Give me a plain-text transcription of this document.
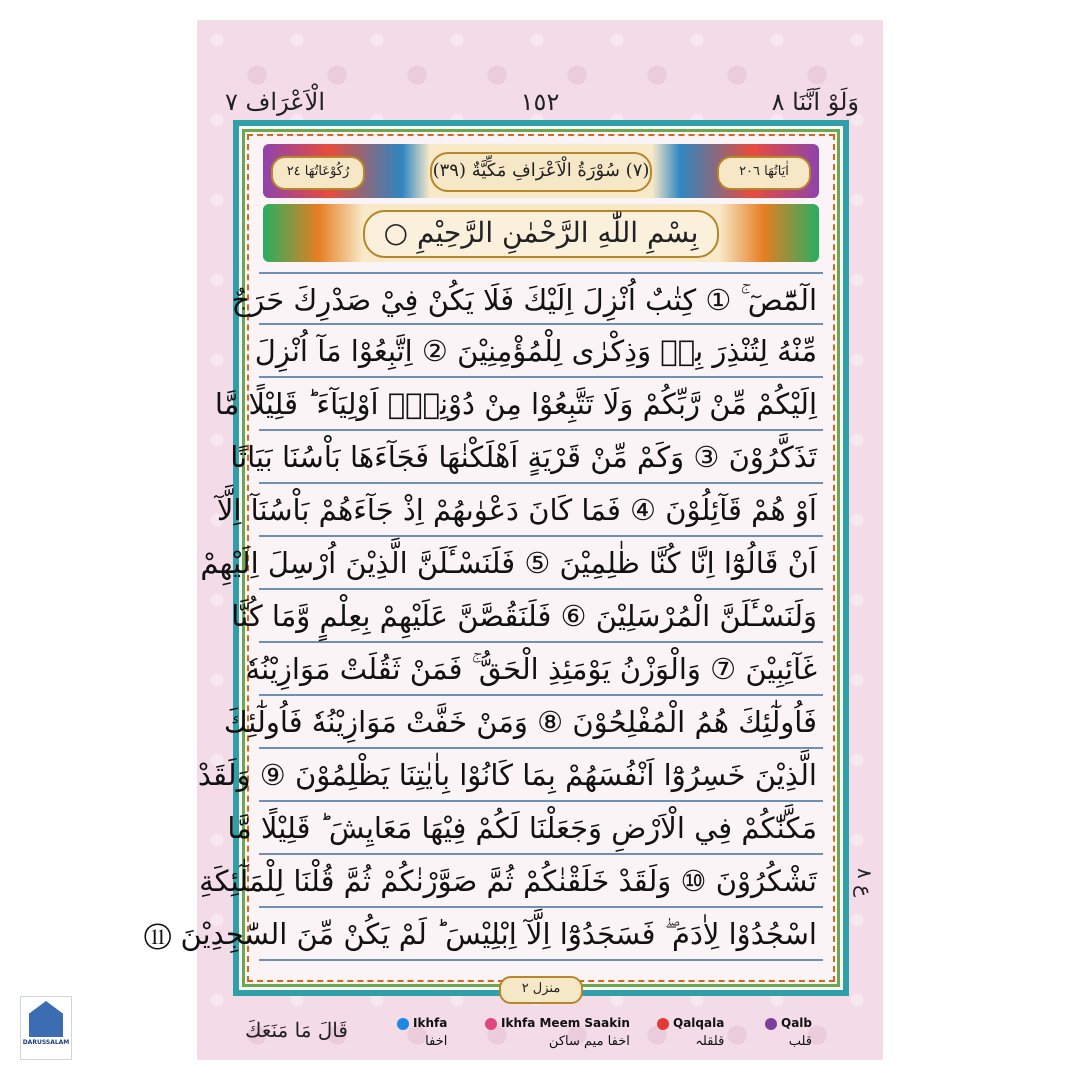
وَلَوْ اَنَّنَا ٨
١٥٢
الْاَعْرَاف ٧
اٰيَاتُهَا ٢٠٦
(٧) سُوْرَةُ الْاَعْرَافِ مَكِّيَّةٌ (٣٩)
رُكُوْعَاتُهَا ٢٤
بِسْمِ اللّٰهِ الرَّحْمٰنِ الرَّحِيْمِ ○
الٓمّٓصٓ ۚ ① كِتٰبٌ اُنْزِلَ اِلَيْكَ فَلَا يَكُنْ فِيْ صَدْرِكَ حَرَجٌ
مِّنْهُ لِتُنْذِرَ بِهٖ وَذِكْرٰى لِلْمُؤْمِنِيْنَ ② اِتَّبِعُوْا مَآ اُنْزِلَ
اِلَيْكُمْ مِّنْ رَّبِّكُمْ وَلَا تَتَّبِعُوْا مِنْ دُوْنِهٖٓ اَوْلِيَآءَ ؕ قَلِيْلًا مَّا
تَذَكَّرُوْنَ ③ وَكَمْ مِّنْ قَرْيَةٍ اَهْلَكْنٰهَا فَجَآءَهَا بَاْسُنَا بَيَاتًا
اَوْ هُمْ قَآئِلُوْنَ ④ فَمَا كَانَ دَعْوٰىهُمْ اِذْ جَآءَهُمْ بَاْسُنَآ اِلَّآ
اَنْ قَالُوْٓا اِنَّا كُنَّا ظٰلِمِيْنَ ⑤ فَلَنَسْـَٔلَنَّ الَّذِيْنَ اُرْسِلَ اِلَيْهِمْ
وَلَنَسْـَٔلَنَّ الْمُرْسَلِيْنَ ⑥ فَلَنَقُصَّنَّ عَلَيْهِمْ بِعِلْمٍ وَّمَا كُنَّا
غَآئِبِيْنَ ⑦ وَالْوَزْنُ يَوْمَئِذِ الْحَقُّ ۚ فَمَنْ ثَقُلَتْ مَوَازِيْنُهٗ
فَاُولٰٓئِكَ هُمُ الْمُفْلِحُوْنَ ⑧ وَمَنْ خَفَّتْ مَوَازِيْنُهٗ فَاُولٰٓئِكَ
الَّذِيْنَ خَسِرُوْٓا اَنْفُسَهُمْ بِمَا كَانُوْا بِاٰيٰتِنَا يَظْلِمُوْنَ ⑨ وَلَقَدْ
مَكَّنّٰكُمْ فِي الْاَرْضِ وَجَعَلْنَا لَكُمْ فِيْهَا مَعَايِشَ ؕ قَلِيْلًا مَّا
تَشْكُرُوْنَ ⑩ وَلَقَدْ خَلَقْنٰكُمْ ثُمَّ صَوَّرْنٰكُمْ ثُمَّ قُلْنَا لِلْمَلٰٓئِكَةِ
اسْجُدُوْا لِاٰدَمَ ۖ فَسَجَدُوْٓا اِلَّآ اِبْلِيْسَ ؕ لَمْ يَكُنْ مِّنَ السّٰجِدِيْنَ ⑪
منزل ٢
ع ٨
قَالَ مَا مَنَعَكَ	Ikhfa
اخفا
Ikhfa Meem Saakin
اخفا میم ساکن
Qalqala
قلقلہ
Qalb
قلب
DARUSSALAM
